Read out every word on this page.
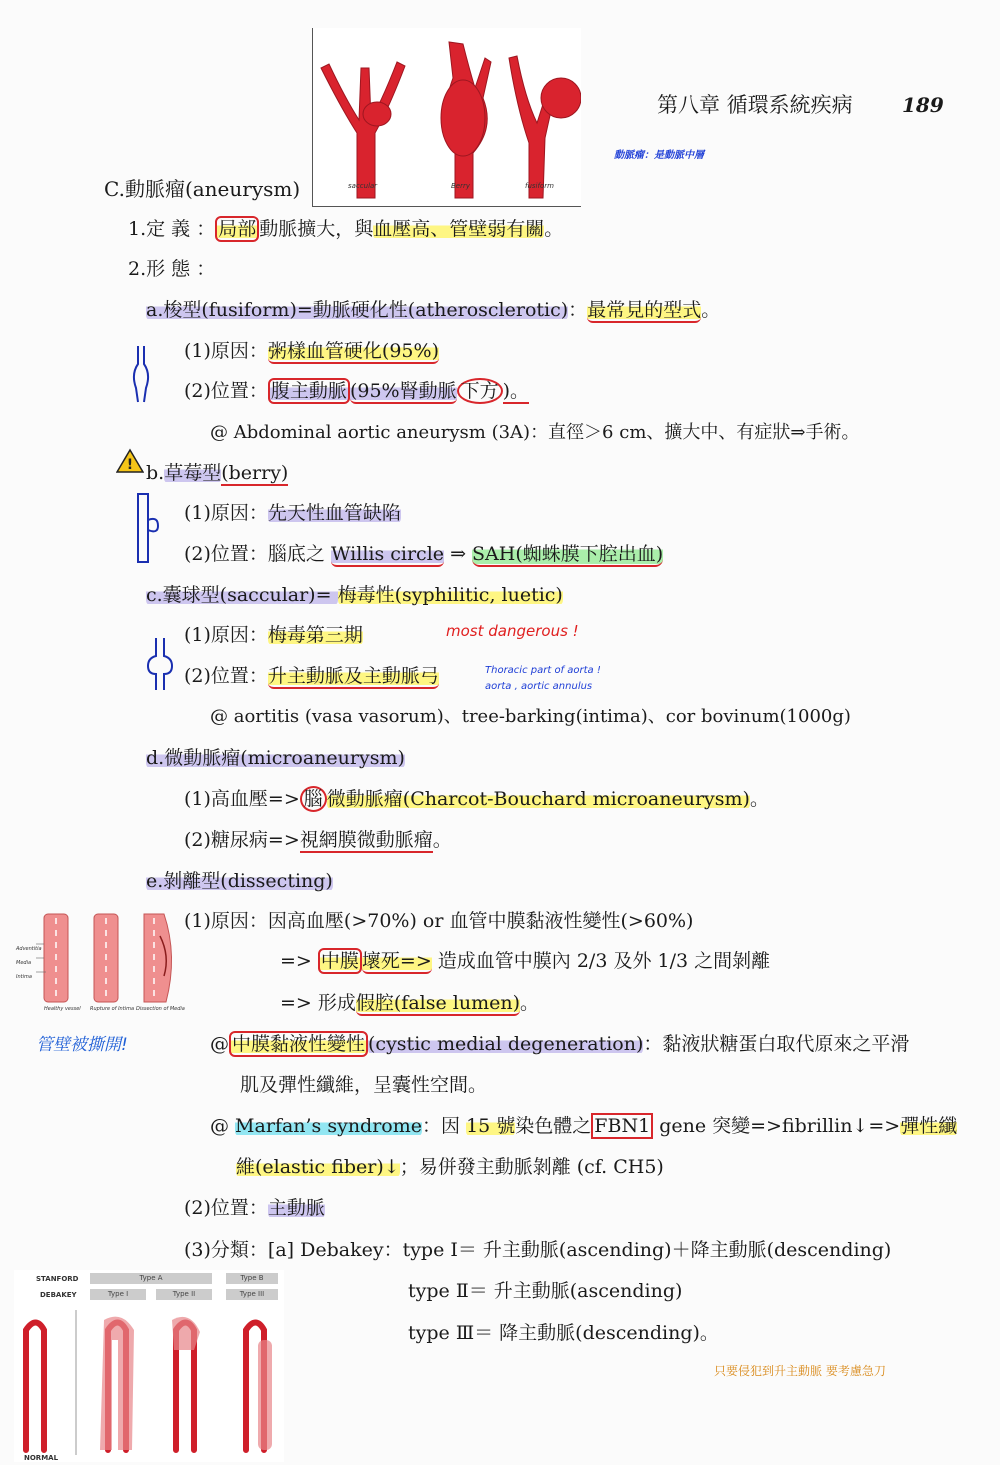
第八章 循環系統疾病 189
saccular	Berry	fusiform
動脈瘤：是動脈中層
C.動脈瘤(aneurysm)
1.定 義 ： 局部 動脈擴大，與血壓高、管壁弱有關。
2.形 態 ：
a.梭型(fusiform)=動脈硬化性(atherosclerotic)：最常見的型式。
(1)原因：粥樣血管硬化(95%)
(2)位置： 腹主動脈 (95%腎動脈 下方 )。
@ Abdominal aortic aneurysm (3A)：直徑＞6 cm、擴大中、有症狀⇒手術。
! b.草莓型(berry)
(1)原因：先天性血管缺陷
(2)位置：腦底之 Willis circle ⇒ SAH(蜘蛛膜下腔出血)
c.囊球型(saccular)= 梅毒性(syphilitic, luetic)
(1)原因：梅毒第三期	most dangerous !
(2)位置：升主動脈及主動脈弓	Thoracic part of aorta !
aorta , aortic annulus
@ aortitis (vasa vasorum)、tree-barking(intima)、cor bovinum(1000g)
d.微動脈瘤(microaneurysm)
(1)高血壓=> 腦 微動脈瘤(Charcot-Bouchard microaneurysm)。
(2)糖尿病=>視網膜微動脈瘤。
e.剝離型(dissecting)
(1)原因：因高血壓(>70%) or 血管中膜黏液性變性(>60%)
=> 中膜 壞死=> 造成血管中膜內 2/3 及外 1/3 之間剝離
=> 形成假腔(false lumen)。
@ 中膜黏液性變性 (cystic medial degeneration)：黏液狀糖蛋白取代原來之平滑
肌及彈性纖維，呈囊性空間。
@ Marfan’s syndrome：因 15 號染色體之 FBN1 gene 突變=>fibrillin↓=>彈性纖
維(elastic fiber)↓；易併發主動脈剝離 (cf. CH5)
(2)位置：主動脈
(3)分類：[a] Debakey：type Ⅰ＝ 升主動脈(ascending)＋降主動脈(descending)
type Ⅱ＝ 升主動脈(ascending)
type Ⅲ＝ 降主動脈(descending)。
管壁被撕開!
只要侵犯到升主動脈 要考慮急刀
Adventitia
Media
Intima
Healthy vessel Rupture of Intima Dissection of Media
STANFORD
DEBAKEY
Type A	Type B
Type I	Type II	Type III
NORMAL
